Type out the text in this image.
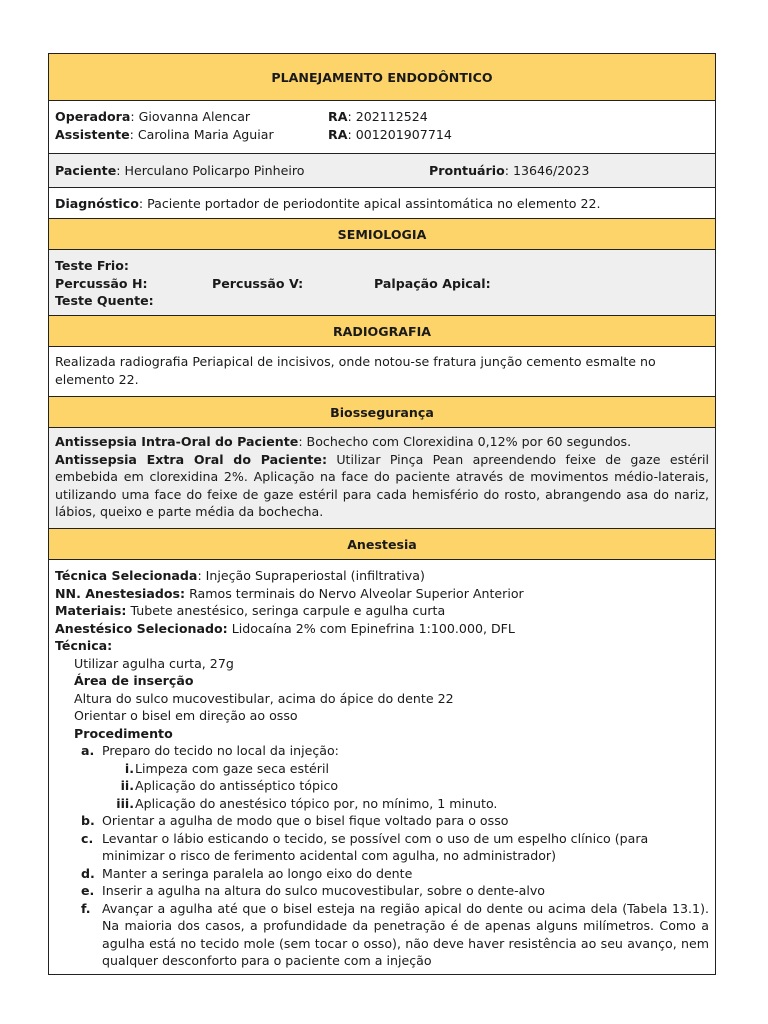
PLANEJAMENTO ENDODÔNTICO
Operadora: Giovanna Alencar
Assistente: Carolina Maria Aguiar
RA: 202112524
RA: 001201907714
Paciente: Herculano Policarpo Pinheiro	Prontuário: 13646/2023
Diagnóstico: Paciente portador de periodontite apical assintomática no elemento 22.
SEMIOLOGIA
Teste Frio:
Percussão H:
Teste Quente:
Percussão V:	Palpação Apical:
RADIOGRAFIA
Realizada radiografia Periapical de incisivos, onde notou-se fratura junção cemento esmalte no elemento 22.
Biossegurança
Antissepsia Intra-Oral do Paciente: Bochecho com Clorexidina 0,12% por 60 segundos.
Antissepsia Extra Oral do Paciente: Utilizar Pinça Pean apreendendo feixe de gaze estéril embebida em clorexidina 2%. Aplicação na face do paciente através de movimentos médio-laterais, utilizando uma face do feixe de gaze estéril para cada hemisfério do rosto, abrangendo asa do nariz, lábios, queixo e parte média da bochecha.
Anestesia
Técnica Selecionada: Injeção Supraperiostal (infiltrativa)
NN. Anestesiados: Ramos terminais do Nervo Alveolar Superior Anterior
Materiais: Tubete anestésico, seringa carpule e agulha curta
Anestésico Selecionado: Lidocaína 2% com Epinefrina 1:100.000, DFL
Técnica:
Utilizar agulha curta, 27g
Área de inserção
Altura do sulco mucovestibular, acima do ápice do dente 22
Orientar o bisel em direção ao osso
Procedimento
a. Preparo do tecido no local da injeção:
i. Limpeza com gaze seca estéril
ii. Aplicação do antisséptico tópico
iii. Aplicação do anestésico tópico por, no mínimo, 1 minuto.
b. Orientar a agulha de modo que o bisel fique voltado para o osso
c. Levantar o lábio esticando o tecido, se possível com o uso de um espelho clínico (para minimizar o risco de ferimento acidental com agulha, no administrador)
d. Manter a seringa paralela ao longo eixo do dente
e. Inserir a agulha na altura do sulco mucovestibular, sobre o dente-alvo
f. Avançar a agulha até que o bisel esteja na região apical do dente ou acima dela (Tabela 13.1). Na maioria dos casos, a profundidade da penetração é de apenas alguns milímetros. Como a agulha está no tecido mole (sem tocar o osso), não deve haver resistência ao seu avanço, nem qualquer desconforto para o paciente com a injeção
